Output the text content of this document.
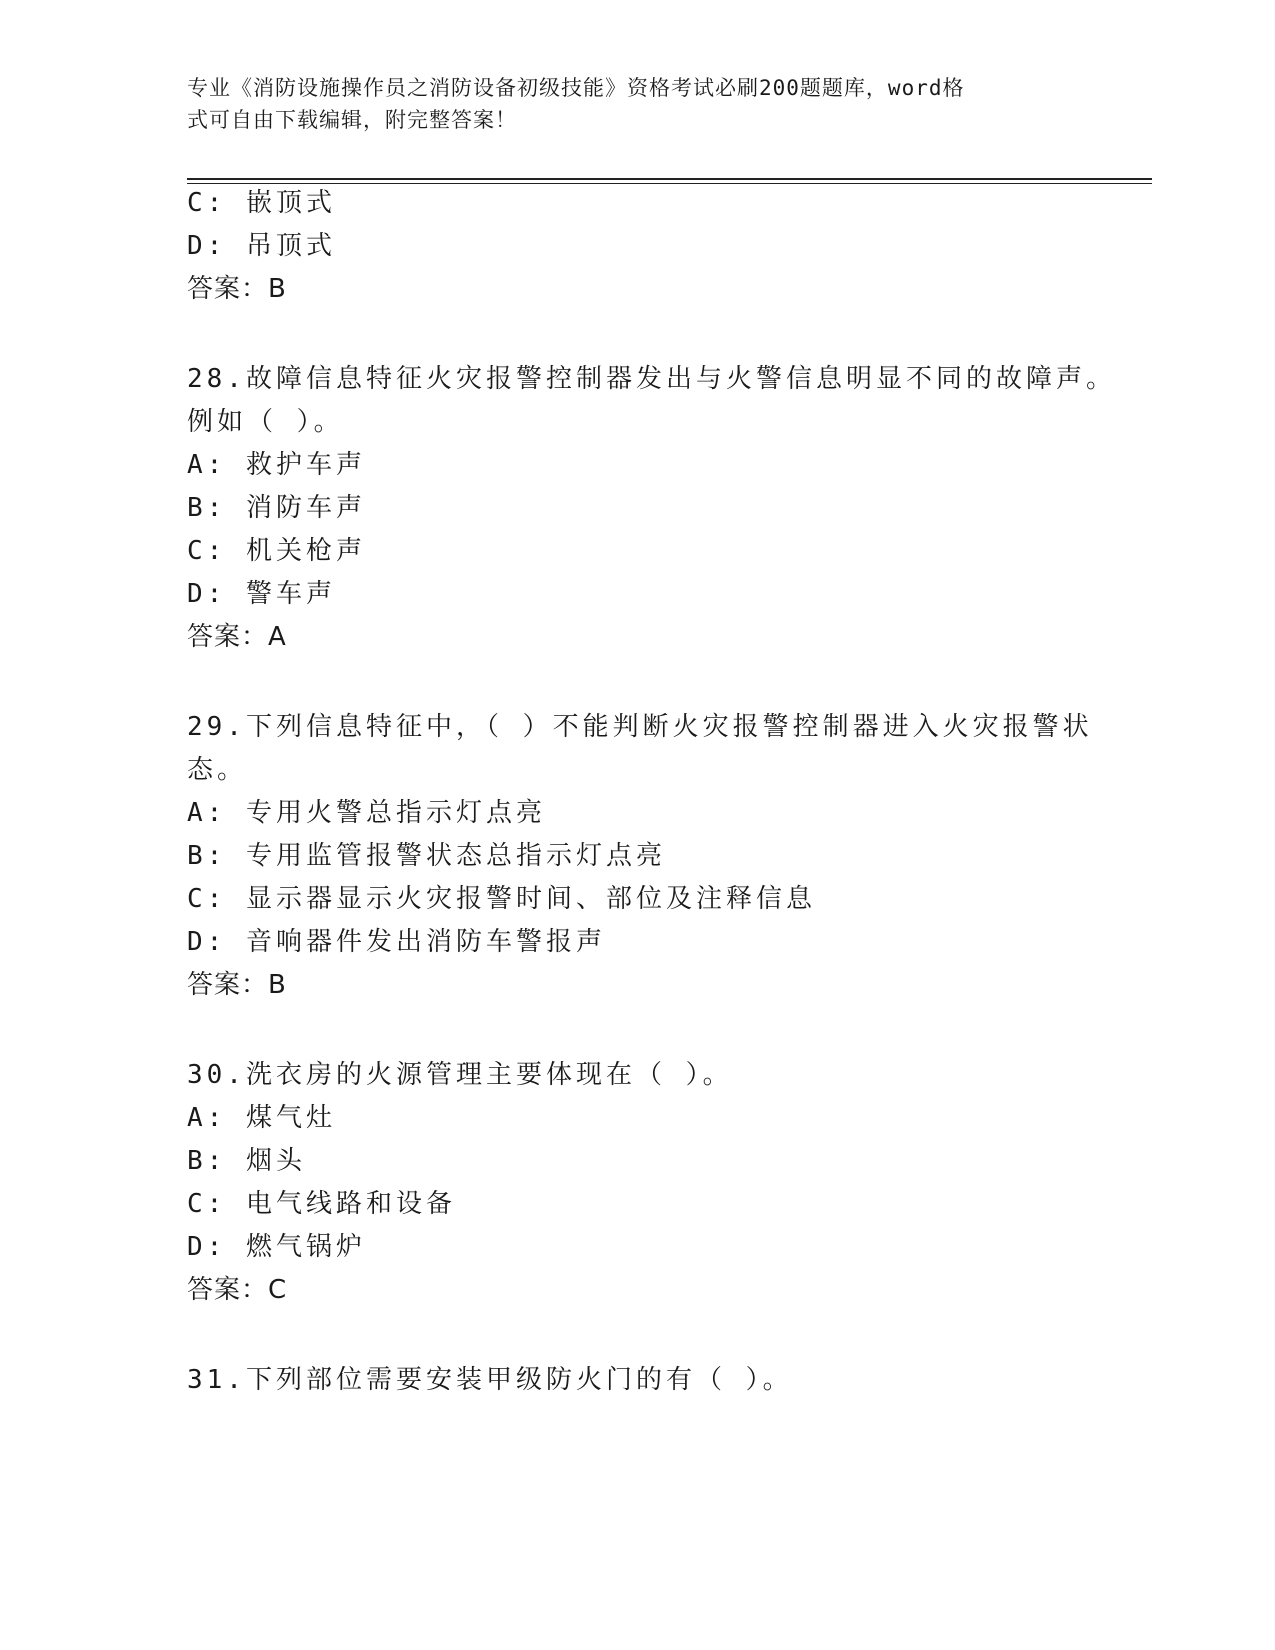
专业《消防设施操作员之消防设备初级技能》资格考试必刷200题题库，word格
式可自由下载编辑，附完整答案！
C: 嵌顶式
D: 吊顶式
答案：B
28.故障信息特征火灾报警控制器发出与火警信息明显不同的故障声。
例如（ ）。
A: 救护车声
B: 消防车声
C: 机关枪声
D: 警车声
答案：A
29.下列信息特征中，（ ）不能判断火灾报警控制器进入火灾报警状
态。
A: 专用火警总指示灯点亮
B: 专用监管报警状态总指示灯点亮
C: 显示器显示火灾报警时间、部位及注释信息
D: 音响器件发出消防车警报声
答案：B
30.洗衣房的火源管理主要体现在（ ）。
A: 煤气灶
B: 烟头
C: 电气线路和设备
D: 燃气锅炉
答案：C
31.下列部位需要安装甲级防火门的有（ ）。
